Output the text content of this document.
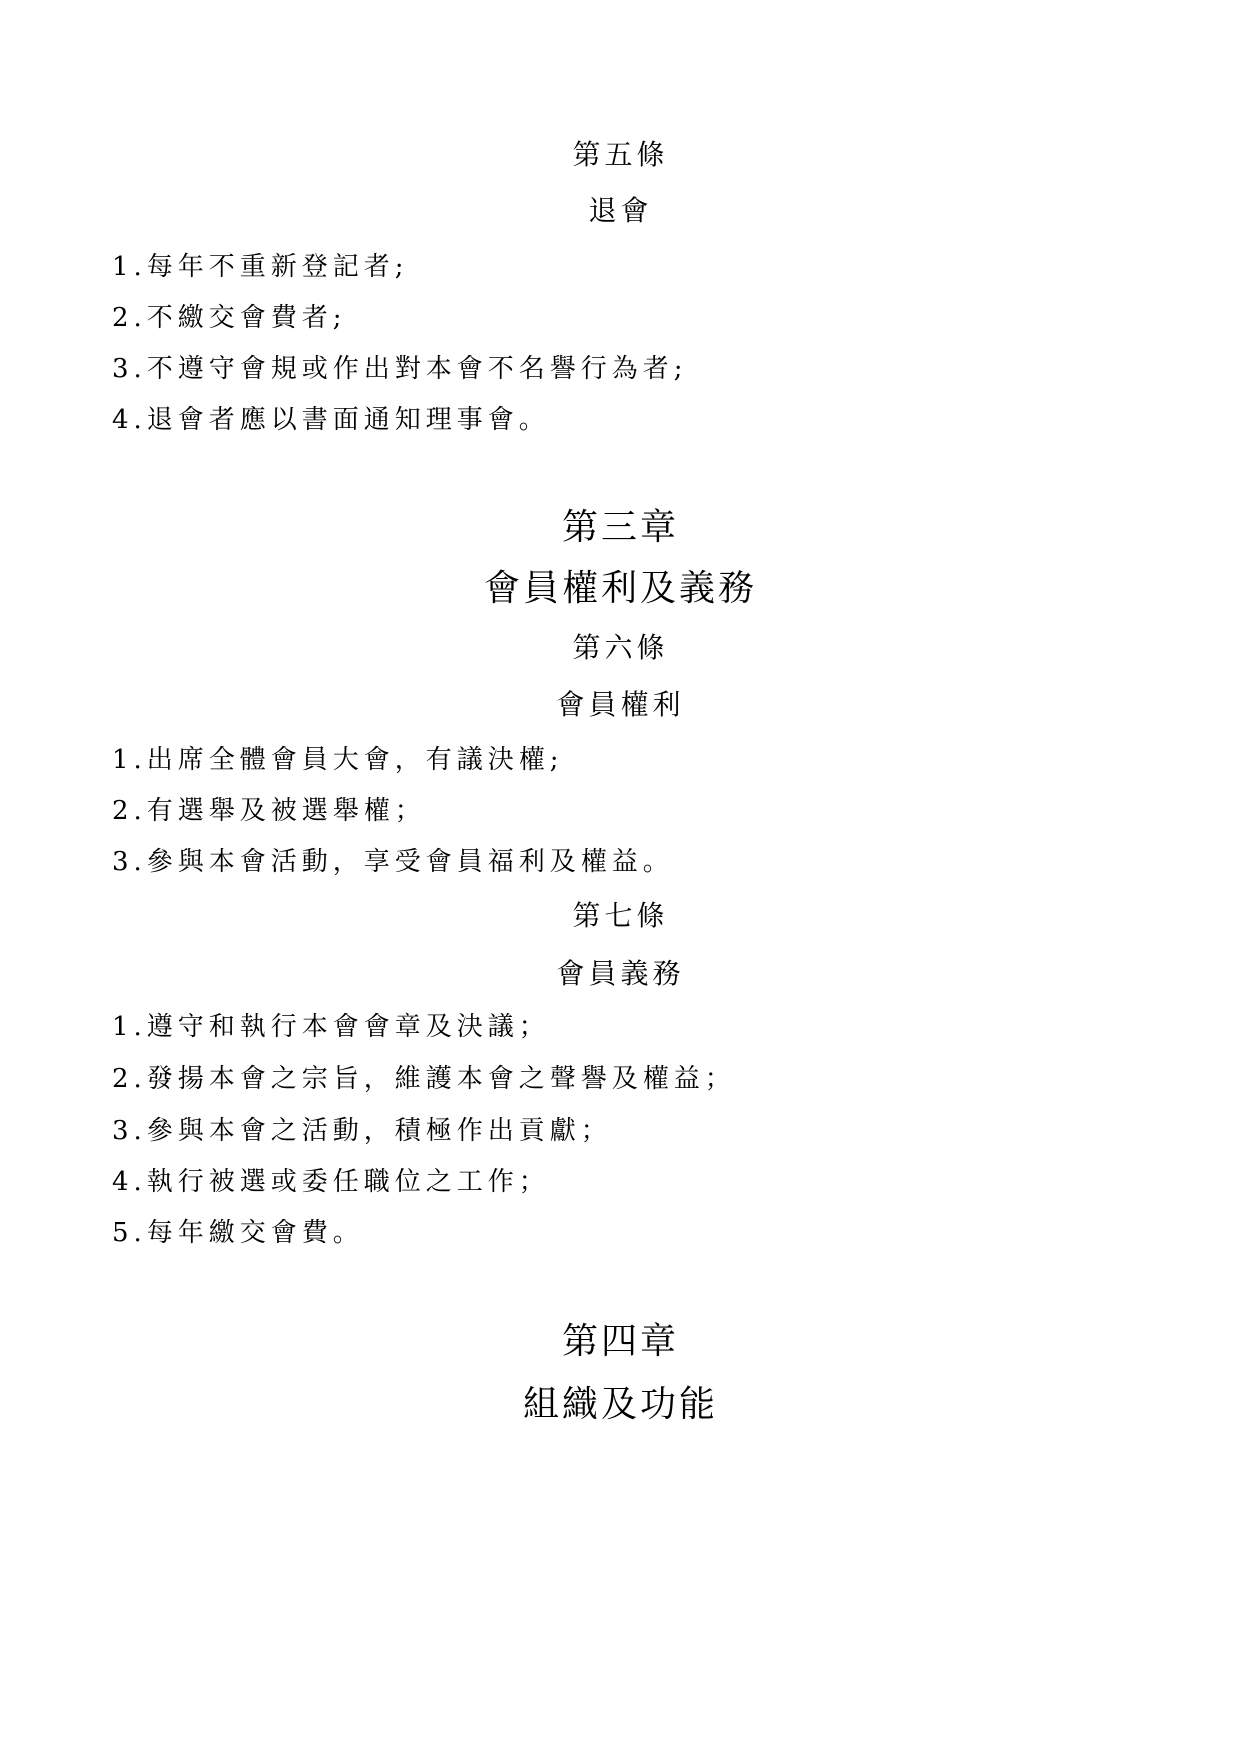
第五條
退會
1.每年不重新登記者;
2.不繳交會費者;
3.不遵守會規或作出對本會不名譽行為者;
4.退會者應以書面通知理事會。
第三章
會員權利及義務
第六條
會員權利
1.出席全體會員大會，有議決權;
2.有選舉及被選舉權；
3.參與本會活動，享受會員福利及權益。
第七條
會員義務
1.遵守和執行本會會章及決議；
2.發揚本會之宗旨，維護本會之聲譽及權益；
3.參與本會之活動，積極作出貢獻；
4.執行被選或委任職位之工作；
5.每年繳交會費。
第四章
組織及功能
